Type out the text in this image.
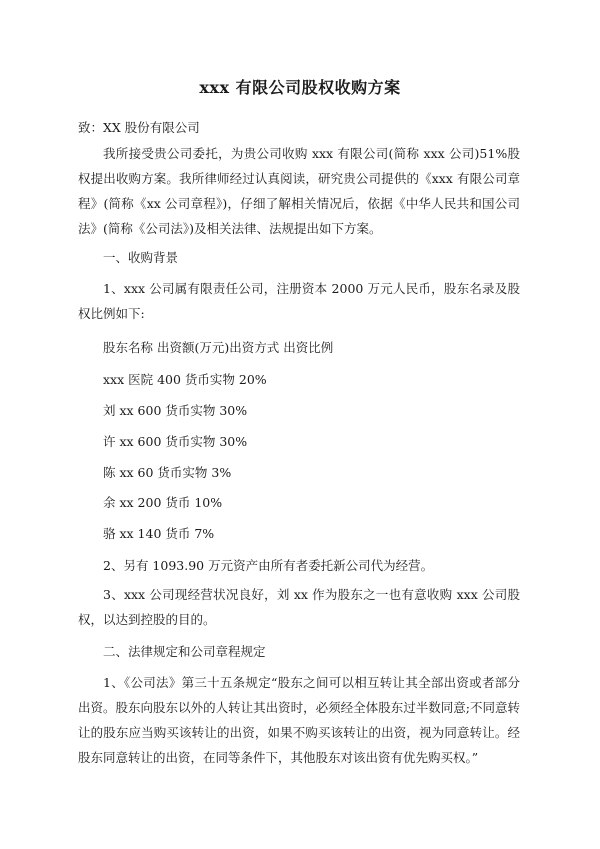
xxx 有限公司股权收购方案
致：XX 股份有限公司
我所接受贵公司委托，为贵公司收购 xxx 有限公司(简称 xxx 公司)51%股权提出收购方案。我所律师经过认真阅读，研究贵公司提供的《xxx 有限公司章程》(简称《xx 公司章程》)，仔细了解相关情况后，依据《中华人民共和国公司法》(简称《公司法》)及相关法律、法规提出如下方案。
一、收购背景
1、xxx 公司属有限责任公司，注册资本 2000 万元人民币，股东名录及股权比例如下:
股东名称 出资额(万元)出资方式 出资比例
xxx 医院 400 货币实物 20%
刘 xx 600 货币实物 30%
许 xx 600 货币实物 30%
陈 xx 60 货币实物 3%
余 xx 200 货币 10%
骆 xx 140 货币 7%
2、另有 1093.90 万元资产由所有者委托新公司代为经营。
3、xxx 公司现经营状况良好，刘 xx 作为股东之一也有意收购 xxx 公司股权，以达到控股的目的。
二、法律规定和公司章程规定
1、《公司法》第三十五条规定“股东之间可以相互转让其全部出资或者部分出资。股东向股东以外的人转让其出资时，必须经全体股东过半数同意;不同意转让的股东应当购买该转让的出资，如果不购买该转让的出资，视为同意转让。经股东同意转让的出资，在同等条件下，其他股东对该出资有优先购买权。”
